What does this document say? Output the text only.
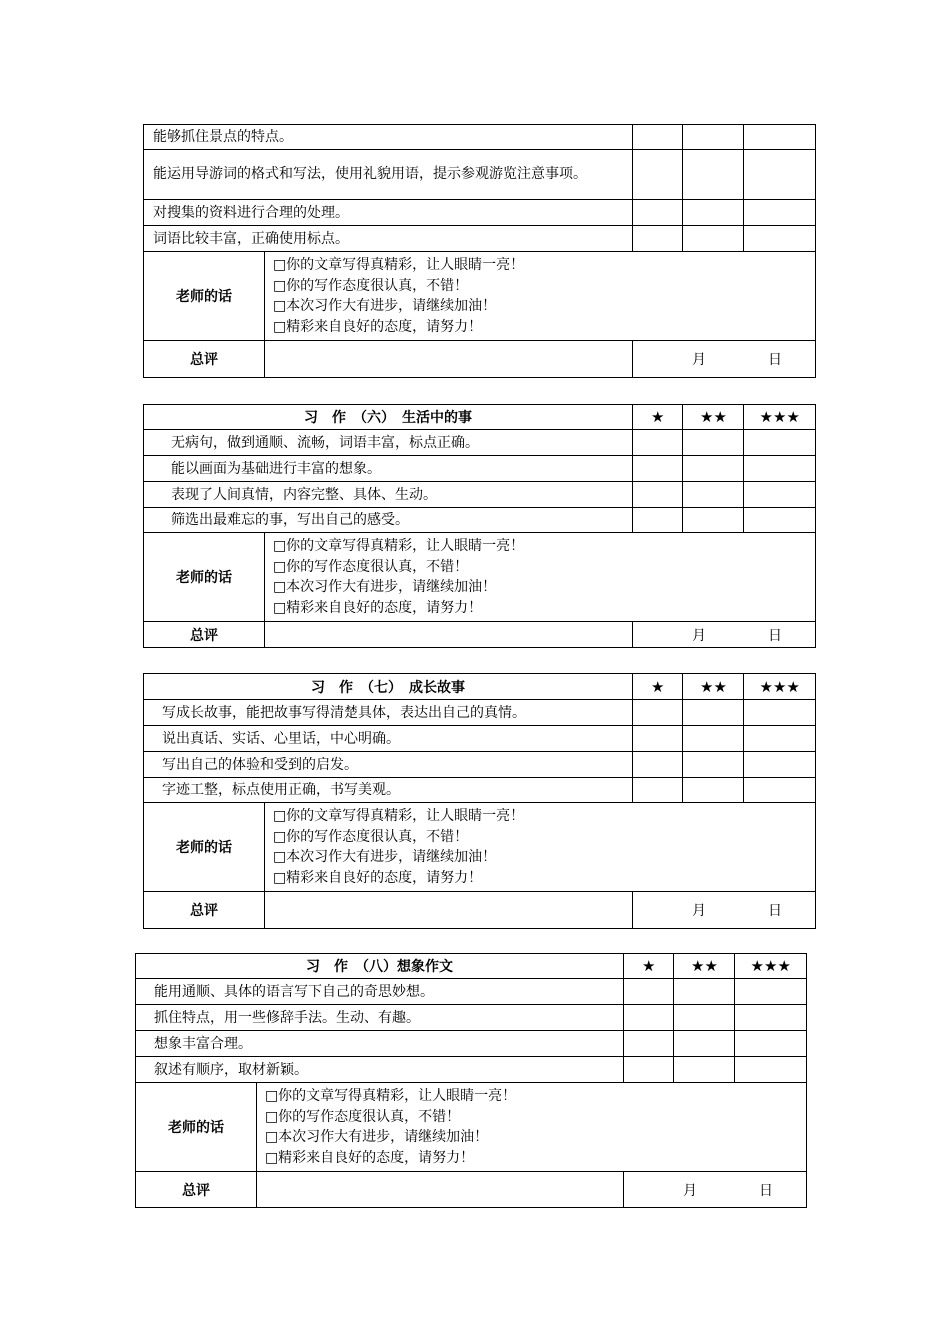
能够抓住景点的特点。				
能运用导游词的格式和写法，使用礼貌用语，提示参观游览注意事项。				
对搜集的资料进行合理的处理。				
词语比较丰富，正确使用标点。				
老师的话	□你的文章写得真精彩，让人眼睛一亮！
□你的写作态度很认真，不错！
□本次习作大有进步，请继续加油！
□精彩来自良好的态度，请努力！			

总评		月 日		
习　作　（六）　生活中的事		★	★★	★★★
无病句，做到通顺、流畅，词语丰富，标点正确。				
能以画面为基础进行丰富的想象。				
表现了人间真情，内容完整、具体、生动。				
筛选出最难忘的事，写出自己的感受。				
老师的话	□你的文章写得真精彩，让人眼睛一亮！
□你的写作态度很认真，不错！
□本次习作大有进步，请继续加油！
□精彩来自良好的态度，请努力！			

总评		月 日		
习　作　（七）　成长故事		★	★★	★★★
写成长故事，能把故事写得清楚具体，表达出自己的真情。				
说出真话、实话、心里话，中心明确。				
写出自己的体验和受到的启发。				
字迹工整，标点使用正确，书写美观。				
老师的话	□你的文章写得真精彩，让人眼睛一亮！
□你的写作态度很认真，不错！
□本次习作大有进步，请继续加油！
□精彩来自良好的态度，请努力！			

总评		月 日		
习　作　（八）想象作文		★	★★	★★★
能用通顺、具体的语言写下自己的奇思妙想。				
抓住特点，用一些修辞手法。生动、有趣。				
想象丰富合理。				
叙述有顺序，取材新颖。				
老师的话	□你的文章写得真精彩，让人眼睛一亮！
□你的写作态度很认真，不错！
□本次习作大有进步，请继续加油！
□精彩来自良好的态度，请努力！			

总评		月 日		
